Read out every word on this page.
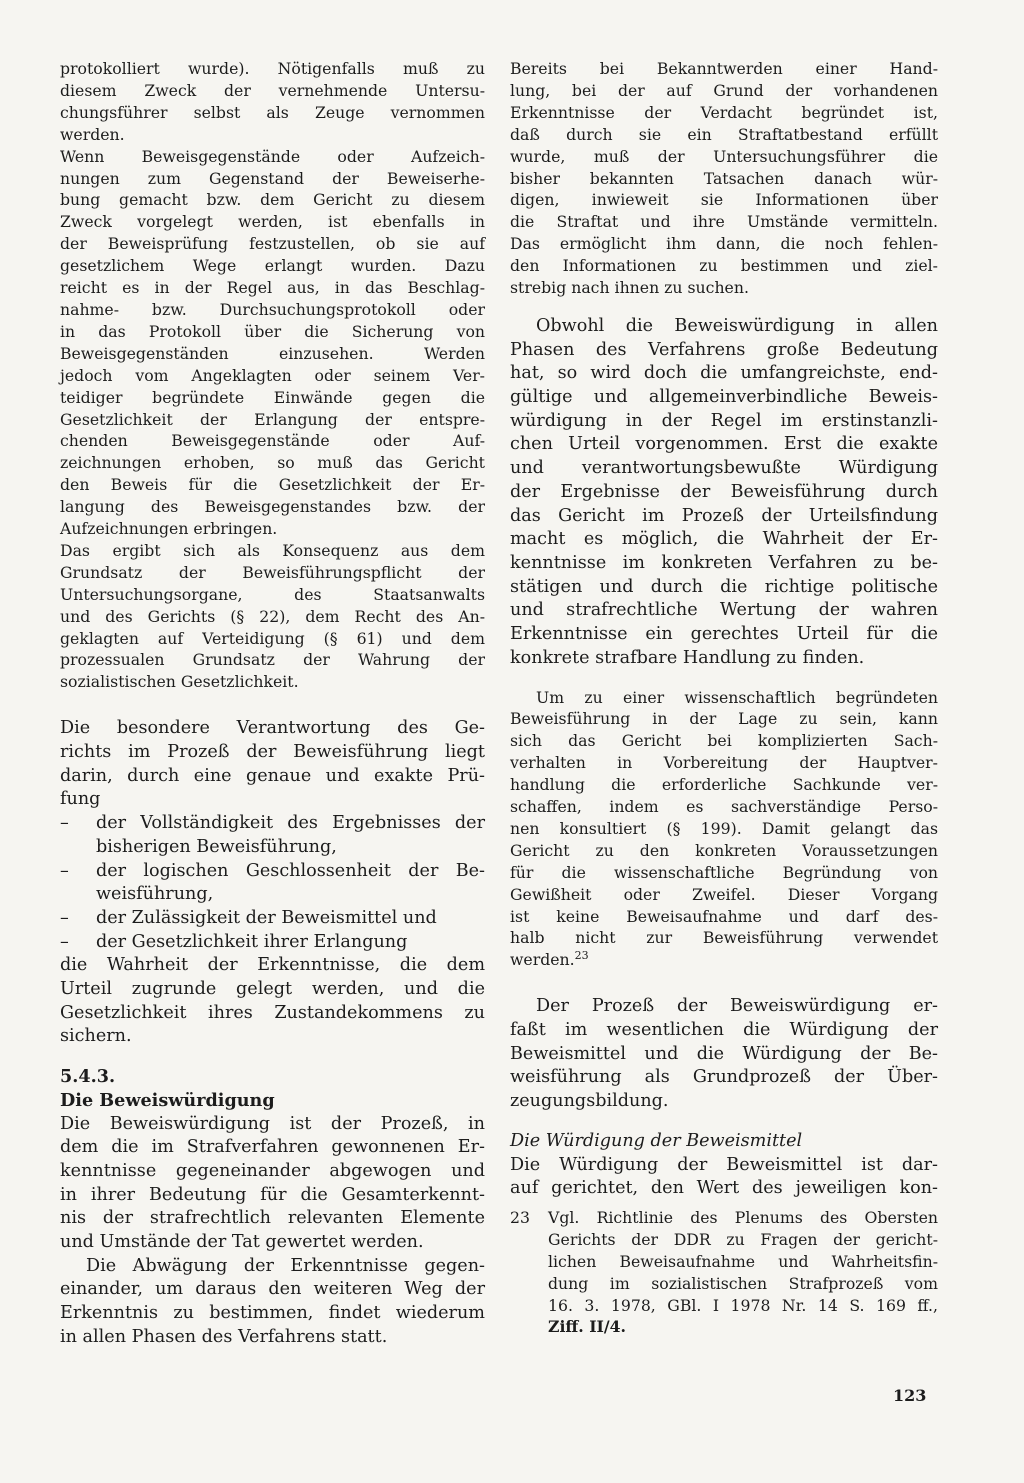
protokolliert wurde). Nötigenfalls muß zu
diesem Zweck der vernehmende Untersu-
chungsführer selbst als Zeuge vernommen
werden.
Wenn Beweisgegenstände oder Aufzeich-
nungen zum Gegenstand der Beweiserhe-
bung gemacht bzw. dem Gericht zu diesem
Zweck vorgelegt werden, ist ebenfalls in
der Beweisprüfung festzustellen, ob sie auf
gesetzlichem Wege erlangt wurden. Dazu
reicht es in der Regel aus, in das Beschlag-
nahme- bzw. Durchsuchungsprotokoll oder
in das Protokoll über die Sicherung von
Beweisgegenständen einzusehen. Werden
jedoch vom Angeklagten oder seinem Ver-
teidiger begründete Einwände gegen die
Gesetzlichkeit der Erlangung der entspre-
chenden Beweisgegenstände oder Auf-
zeichnungen erhoben, so muß das Gericht
den Beweis für die Gesetzlichkeit der Er-
langung des Beweisgegenstandes bzw. der
Aufzeichnungen erbringen.
Das ergibt sich als Konsequenz aus dem
Grundsatz der Beweisführungspflicht der
Untersuchungsorgane, des Staatsanwalts
und des Gerichts (§ 22), dem Recht des An-
geklagten auf Verteidigung (§ 61) und dem
prozessualen Grundsatz der Wahrung der
sozialistischen Gesetzlichkeit.
Die besondere Verantwortung des Ge-
richts im Prozeß der Beweisführung liegt
darin, durch eine genaue und exakte Prü-
fung
– der Vollständigkeit des Ergebnisses der
bisherigen Beweisführung,
– der logischen Geschlossenheit der Be-
weisführung,
– der Zulässigkeit der Beweismittel und
– der Gesetzlichkeit ihrer Erlangung
die Wahrheit der Erkenntnisse, die dem
Urteil zugrunde gelegt werden, und die
Gesetzlichkeit ihres Zustandekommens zu
sichern.
5.4.3.
Die Beweiswürdigung
Die Beweiswürdigung ist der Prozeß, in
dem die im Strafverfahren gewonnenen Er-
kenntnisse gegeneinander abgewogen und
in ihrer Bedeutung für die Gesamterkennt-
nis der strafrechtlich relevanten Elemente
und Umstände der Tat gewertet werden.
Die Abwägung der Erkenntnisse gegen-
einander, um daraus den weiteren Weg der
Erkenntnis zu bestimmen, findet wiederum
in allen Phasen des Verfahrens statt.
Bereits bei Bekanntwerden einer Hand-
lung, bei der auf Grund der vorhandenen
Erkenntnisse der Verdacht begründet ist,
daß durch sie ein Straftatbestand erfüllt
wurde, muß der Untersuchungsführer die
bisher bekannten Tatsachen danach wür-
digen, inwieweit sie Informationen über
die Straftat und ihre Umstände vermitteln.
Das ermöglicht ihm dann, die noch fehlen-
den Informationen zu bestimmen und ziel-
strebig nach ihnen zu suchen.
Obwohl die Beweiswürdigung in allen
Phasen des Verfahrens große Bedeutung
hat, so wird doch die umfangreichste, end-
gültige und allgemeinverbindliche Beweis-
würdigung in der Regel im erstinstanzli-
chen Urteil vorgenommen. Erst die exakte
und verantwortungsbewußte Würdigung
der Ergebnisse der Beweisführung durch
das Gericht im Prozeß der Urteilsfindung
macht es möglich, die Wahrheit der Er-
kenntnisse im konkreten Verfahren zu be-
stätigen und durch die richtige politische
und strafrechtliche Wertung der wahren
Erkenntnisse ein gerechtes Urteil für die
konkrete strafbare Handlung zu finden.
Um zu einer wissenschaftlich begründeten
Beweisführung in der Lage zu sein, kann
sich das Gericht bei komplizierten Sach-
verhalten in Vorbereitung der Hauptver-
handlung die erforderliche Sachkunde ver-
schaffen, indem es sachverständige Perso-
nen konsultiert (§ 199). Damit gelangt das
Gericht zu den konkreten Voraussetzungen
für die wissenschaftliche Begründung von
Gewißheit oder Zweifel. Dieser Vorgang
ist keine Beweisaufnahme und darf des-
halb nicht zur Beweisführung verwendet
werden.$^{23}$
Der Prozeß der Beweiswürdigung er-
faßt im wesentlichen die Würdigung der
Beweismittel und die Würdigung der Be-
weisführung als Grundprozeß der Über-
zeugungsbildung.
Die Würdigung der Beweismittel
Die Würdigung der Beweismittel ist dar-
auf gerichtet, den Wert des jeweiligen kon-
23 Vgl. Richtlinie des Plenums des Obersten
Gerichts der DDR zu Fragen der gericht-
lichen Beweisaufnahme und Wahrheitsfin-
dung im sozialistischen Strafprozeß vom
16. 3. 1978, GBl. I 1978 Nr. 14 S. 169 ff.,
Ziff. II/4.
123
